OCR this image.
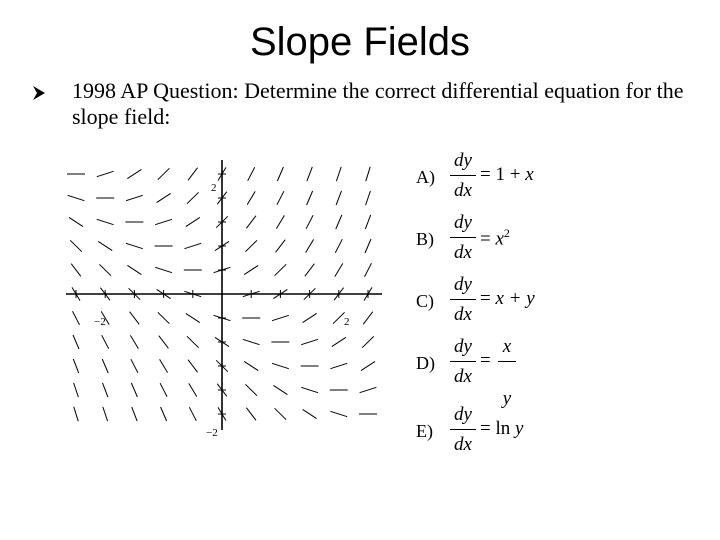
Slope Fields
1998 AP Question: Determine the correct differential equation for the slope field:
−2	2
2
−2
A)
dy
dx
= 1 + x
B)
dy
dx
= $x^2$
C)
dy
dx
= x + y
D)
dy
dx
=
x
y
E)
dy
dx
= ln y
